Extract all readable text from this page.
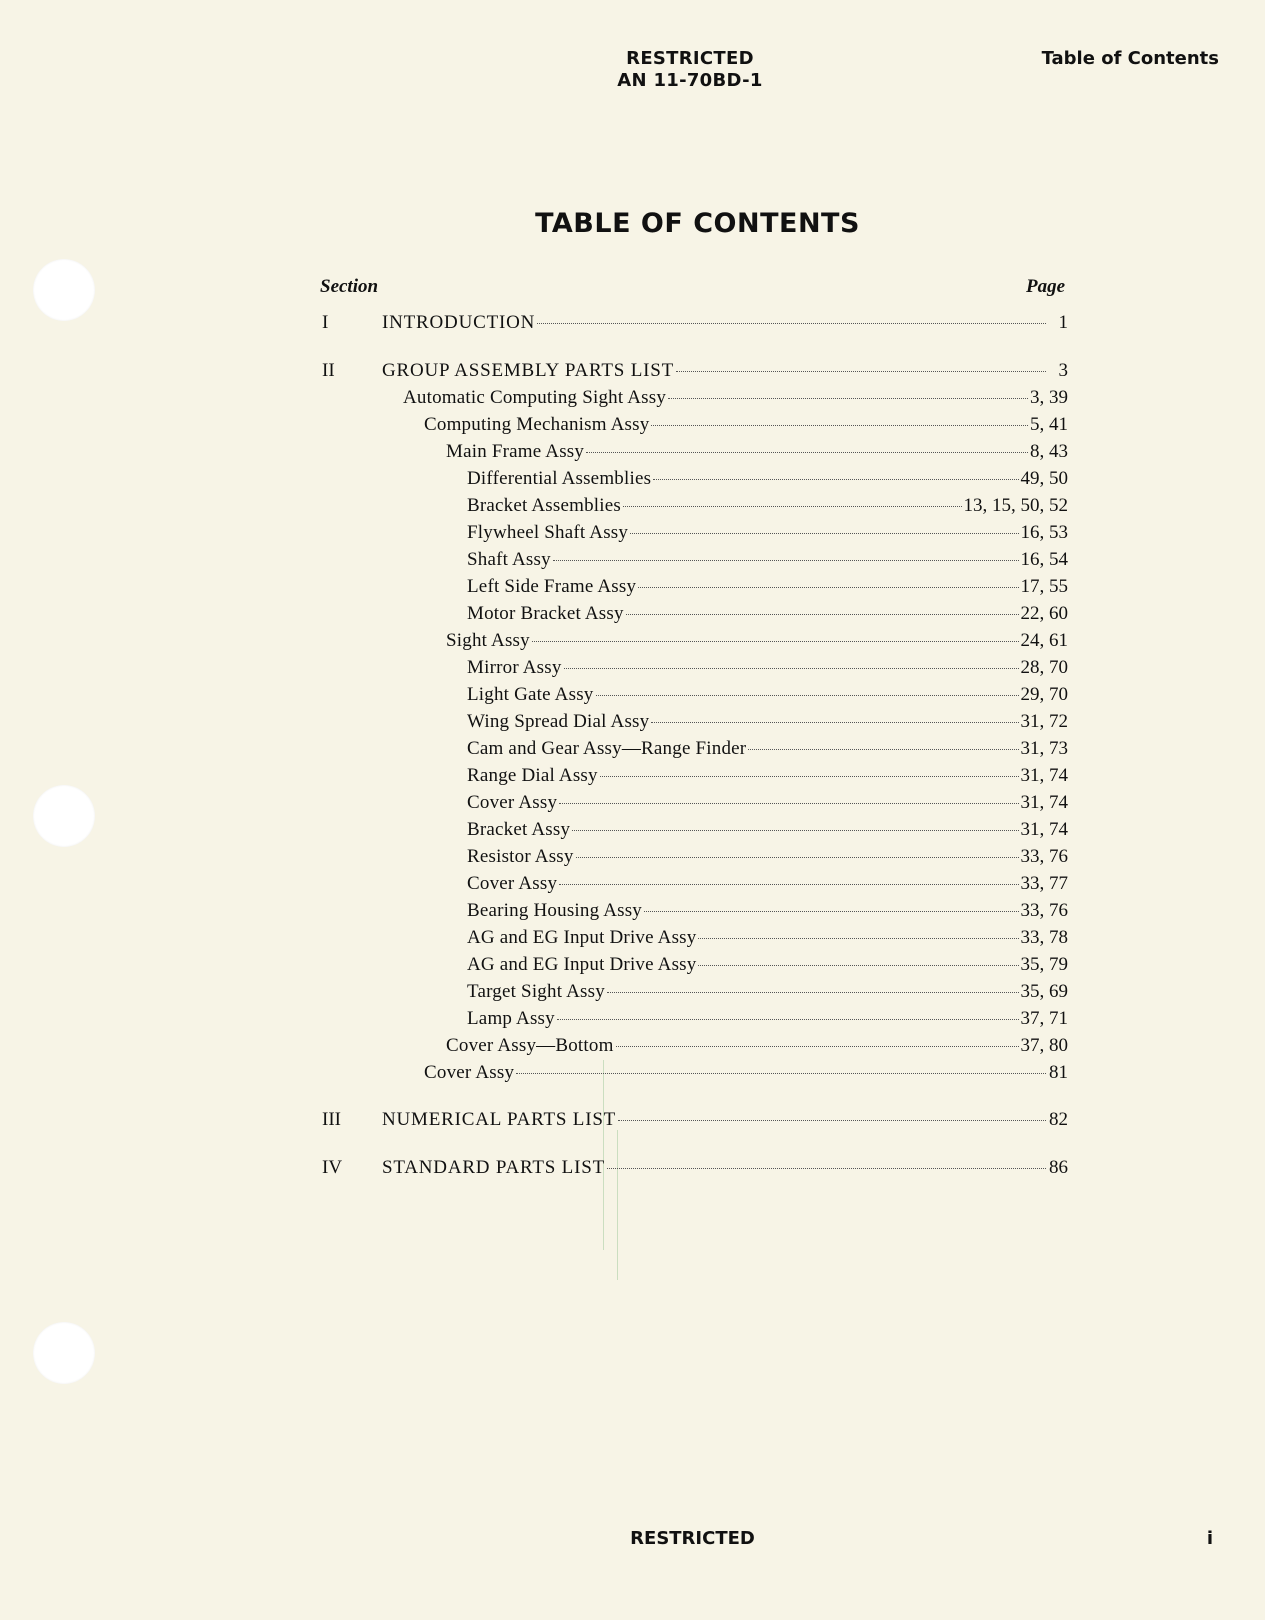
RESTRICTED
AN 11-70BD-1
Table of Contents
TABLE OF CONTENTS
Section	Page
I	INTRODUCTION	1
II	GROUP ASSEMBLY PARTS LIST	3
Automatic Computing Sight Assy	3, 39
Computing Mechanism Assy	5, 41
Main Frame Assy	8, 43
Differential Assemblies	49, 50
Bracket Assemblies	13, 15, 50, 52
Flywheel Shaft Assy	16, 53
Shaft Assy	16, 54
Left Side Frame Assy	17, 55
Motor Bracket Assy	22, 60
Sight Assy	24, 61
Mirror Assy	28, 70
Light Gate Assy	29, 70
Wing Spread Dial Assy	31, 72
Cam and Gear Assy—Range Finder	31, 73
Range Dial Assy	31, 74
Cover Assy	31, 74
Bracket Assy	31, 74
Resistor Assy	33, 76
Cover Assy	33, 77
Bearing Housing Assy	33, 76
AG and EG Input Drive Assy	33, 78
AG and EG Input Drive Assy	35, 79
Target Sight Assy	35, 69
Lamp Assy	37, 71
Cover Assy—Bottom	37, 80
Cover Assy	81
III	NUMERICAL PARTS LIST	82
IV	STANDARD PARTS LIST	86
RESTRICTED	i
